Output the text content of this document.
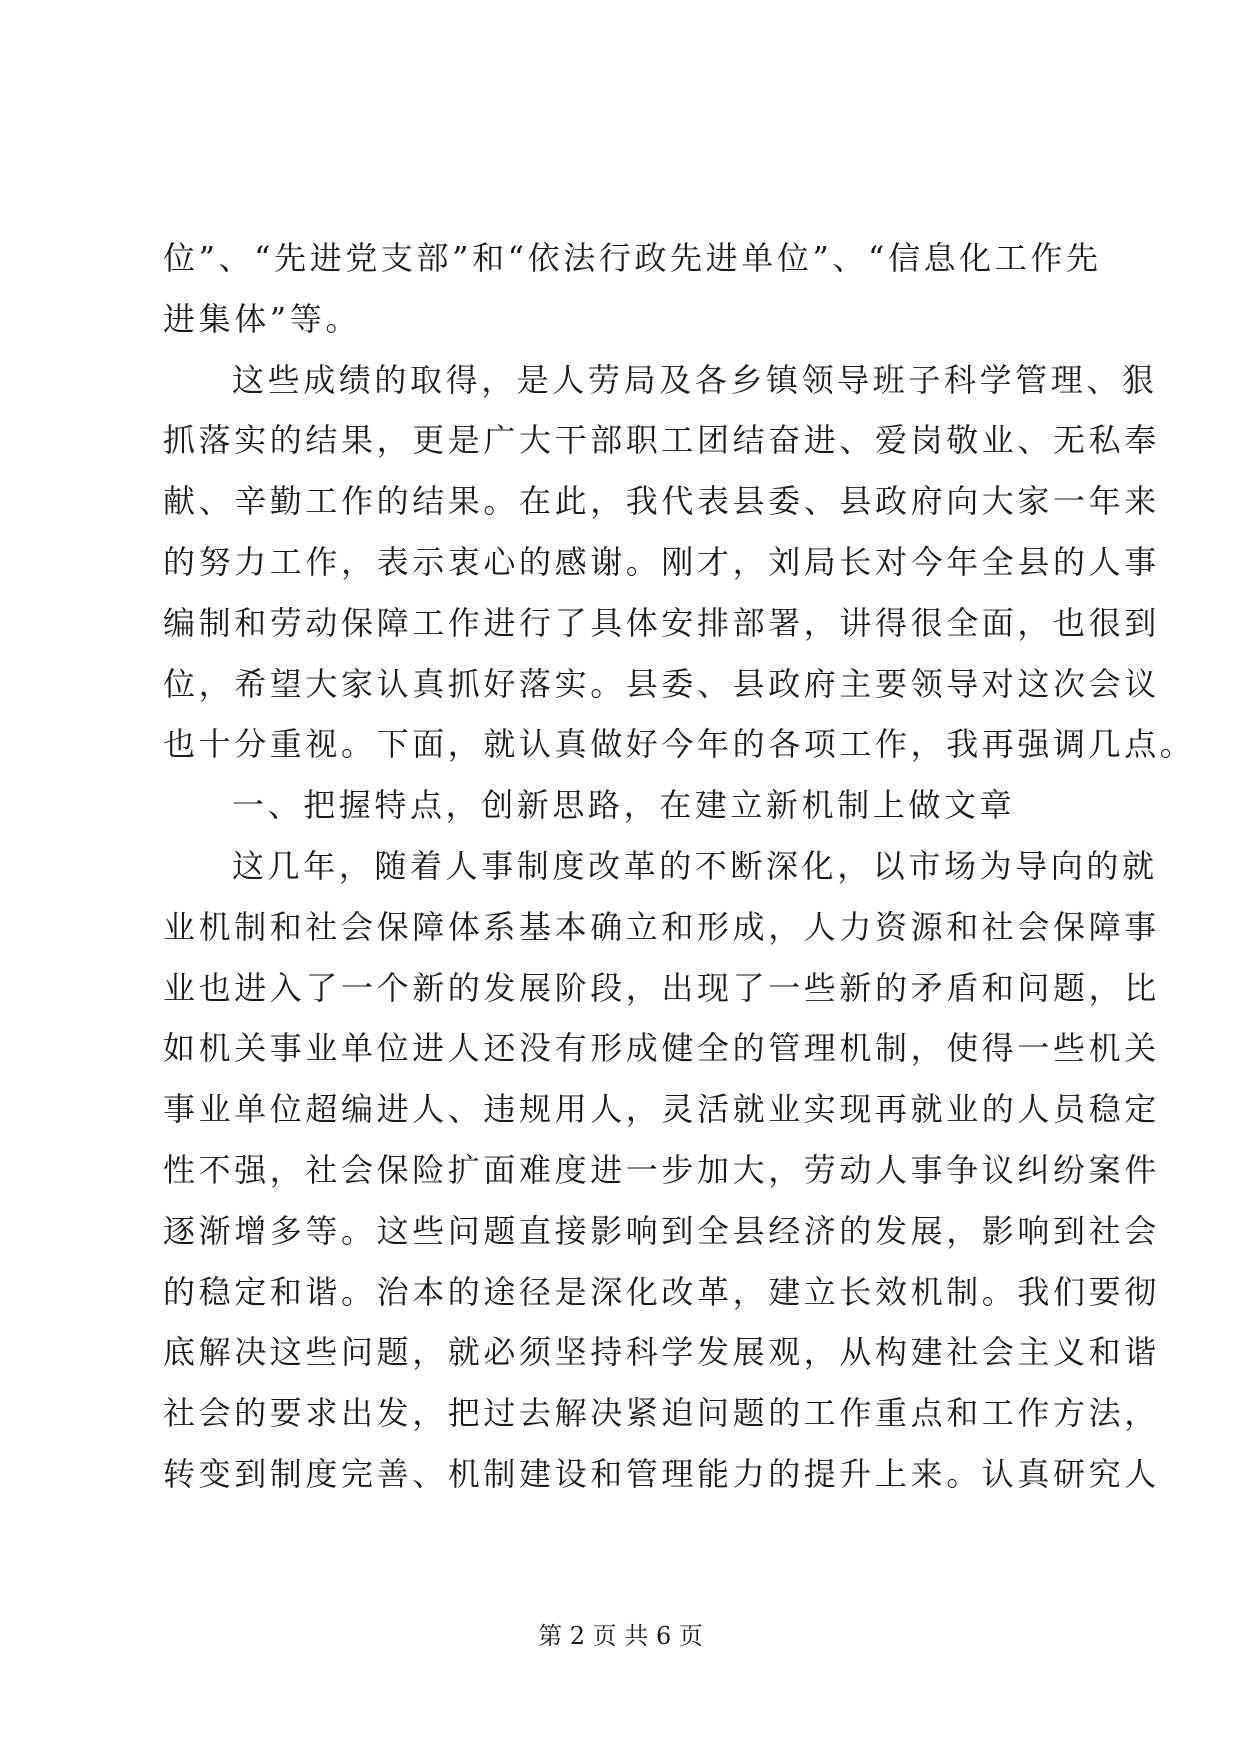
位”、“先进党支部”和“依法行政先进单位”、“信息化工作先
进集体”等。
这些成绩的取得，是人劳局及各乡镇领导班子科学管理、狠
抓落实的结果，更是广大干部职工团结奋进、爱岗敬业、无私奉
献、辛勤工作的结果。在此，我代表县委、县政府向大家一年来
的努力工作，表示衷心的感谢。刚才，刘局长对今年全县的人事
编制和劳动保障工作进行了具体安排部署，讲得很全面，也很到
位，希望大家认真抓好落实。县委、县政府主要领导对这次会议
也十分重视。下面，就认真做好今年的各项工作，我再强调几点。
一、把握特点，创新思路，在建立新机制上做文章
这几年，随着人事制度改革的不断深化，以市场为导向的就
业机制和社会保障体系基本确立和形成，人力资源和社会保障事
业也进入了一个新的发展阶段，出现了一些新的矛盾和问题，比
如机关事业单位进人还没有形成健全的管理机制，使得一些机关
事业单位超编进人、违规用人，灵活就业实现再就业的人员稳定
性不强，社会保险扩面难度进一步加大，劳动人事争议纠纷案件
逐渐增多等。这些问题直接影响到全县经济的发展，影响到社会
的稳定和谐。治本的途径是深化改革，建立长效机制。我们要彻
底解决这些问题，就必须坚持科学发展观，从构建社会主义和谐
社会的要求出发，把过去解决紧迫问题的工作重点和工作方法，
转变到制度完善、机制建设和管理能力的提升上来。认真研究人
第 2 页 共 6 页
